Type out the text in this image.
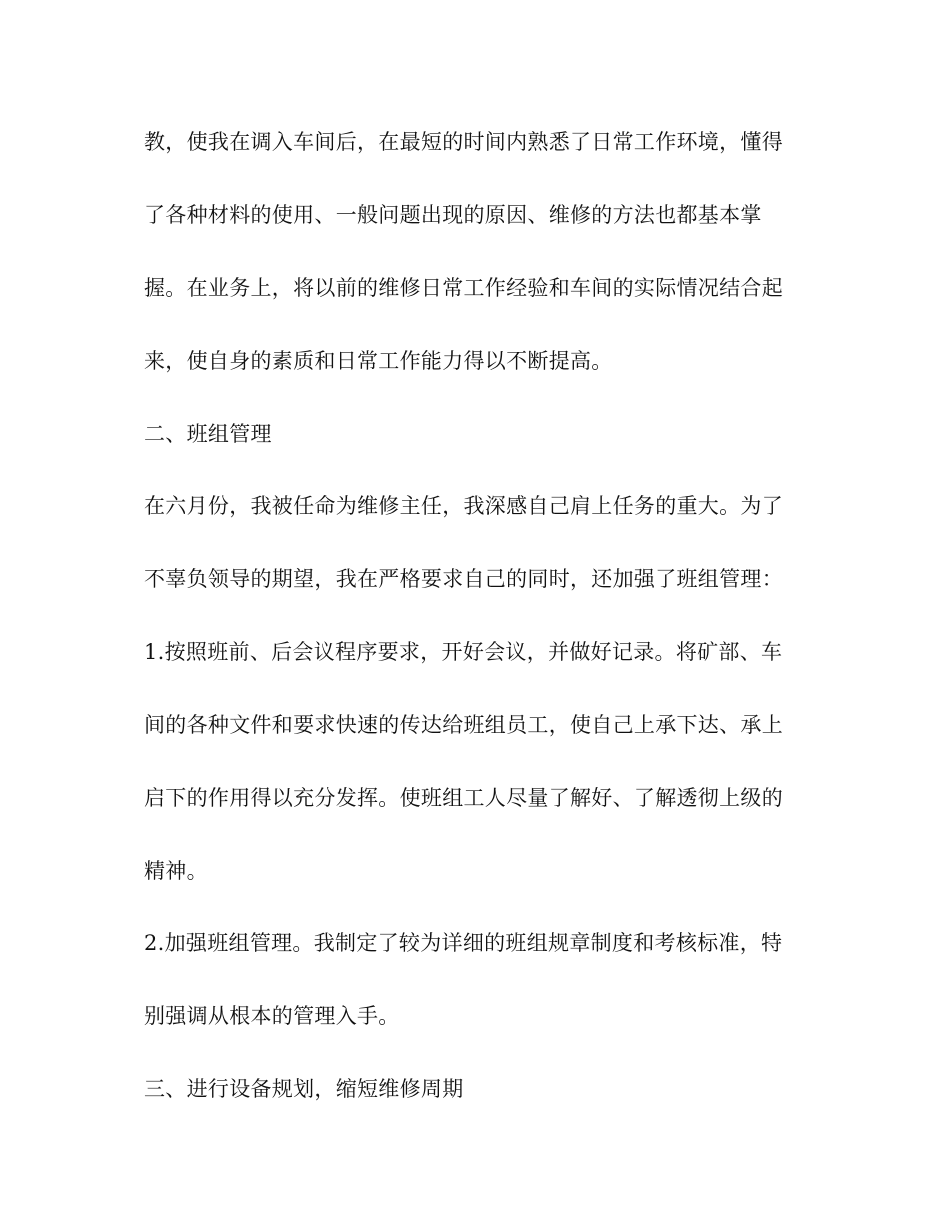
教，使我在调入车间后，在最短的时间内熟悉了日常工作环境，懂得
了各种材料的使用、一般问题出现的原因、维修的方法也都基本掌
握。在业务上，将以前的维修日常工作经验和车间的实际情况结合起
来，使自身的素质和日常工作能力得以不断提高。
二、班组管理
在六月份，我被任命为维修主任，我深感自己肩上任务的重大。为了
不辜负领导的期望，我在严格要求自己的同时，还加强了班组管理：
1.按照班前、后会议程序要求，开好会议，并做好记录。将矿部、车
间的各种文件和要求快速的传达给班组员工，使自己上承下达、承上
启下的作用得以充分发挥。使班组工人尽量了解好、了解透彻上级的
精神。
2.加强班组管理。我制定了较为详细的班组规章制度和考核标准，特
别强调从根本的管理入手。
三、进行设备规划，缩短维修周期
